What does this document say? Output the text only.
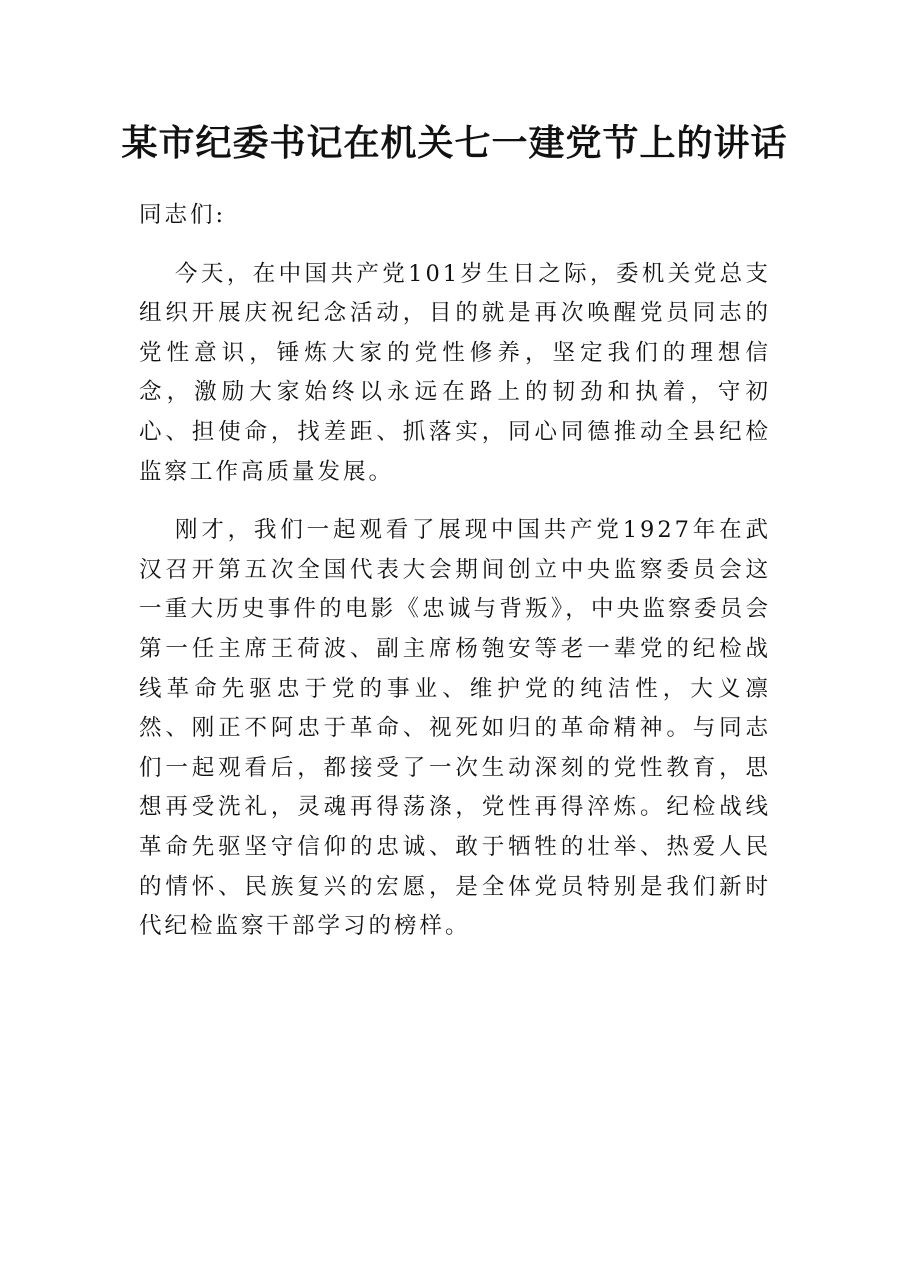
某市纪委书记在机关七一建党节上的讲话

同志们:

今天，在中国共产党101岁生日之际，委机关党总支组织开展庆祝纪念活动，目的就是再次唤醒党员同志的党性意识，锤炼大家的党性修养，坚定我们的理想信念，激励大家始终以永远在路上的韧劲和执着，守初心、担使命，找差距、抓落实，同心同德推动全县纪检监察工作高质量发展。

刚才，我们一起观看了展现中国共产党1927年在武汉召开第五次全国代表大会期间创立中央监察委员会这一重大历史事件的电影《忠诚与背叛》，中央监察委员会第一任主席王荷波、副主席杨匏安等老一辈党的纪检战线革命先驱忠于党的事业、维护党的纯洁性，大义凛然、刚正不阿忠于革命、视死如归的革命精神。与同志们一起观看后，都接受了一次生动深刻的党性教育，思想再受洗礼，灵魂再得荡涤，党性再得淬炼。纪检战线革命先驱坚守信仰的忠诚、敢于牺牲的壮举、热爱人民的情怀、民族复兴的宏愿，是全体党员特别是我们新时代纪检监察干部学习的榜样。
